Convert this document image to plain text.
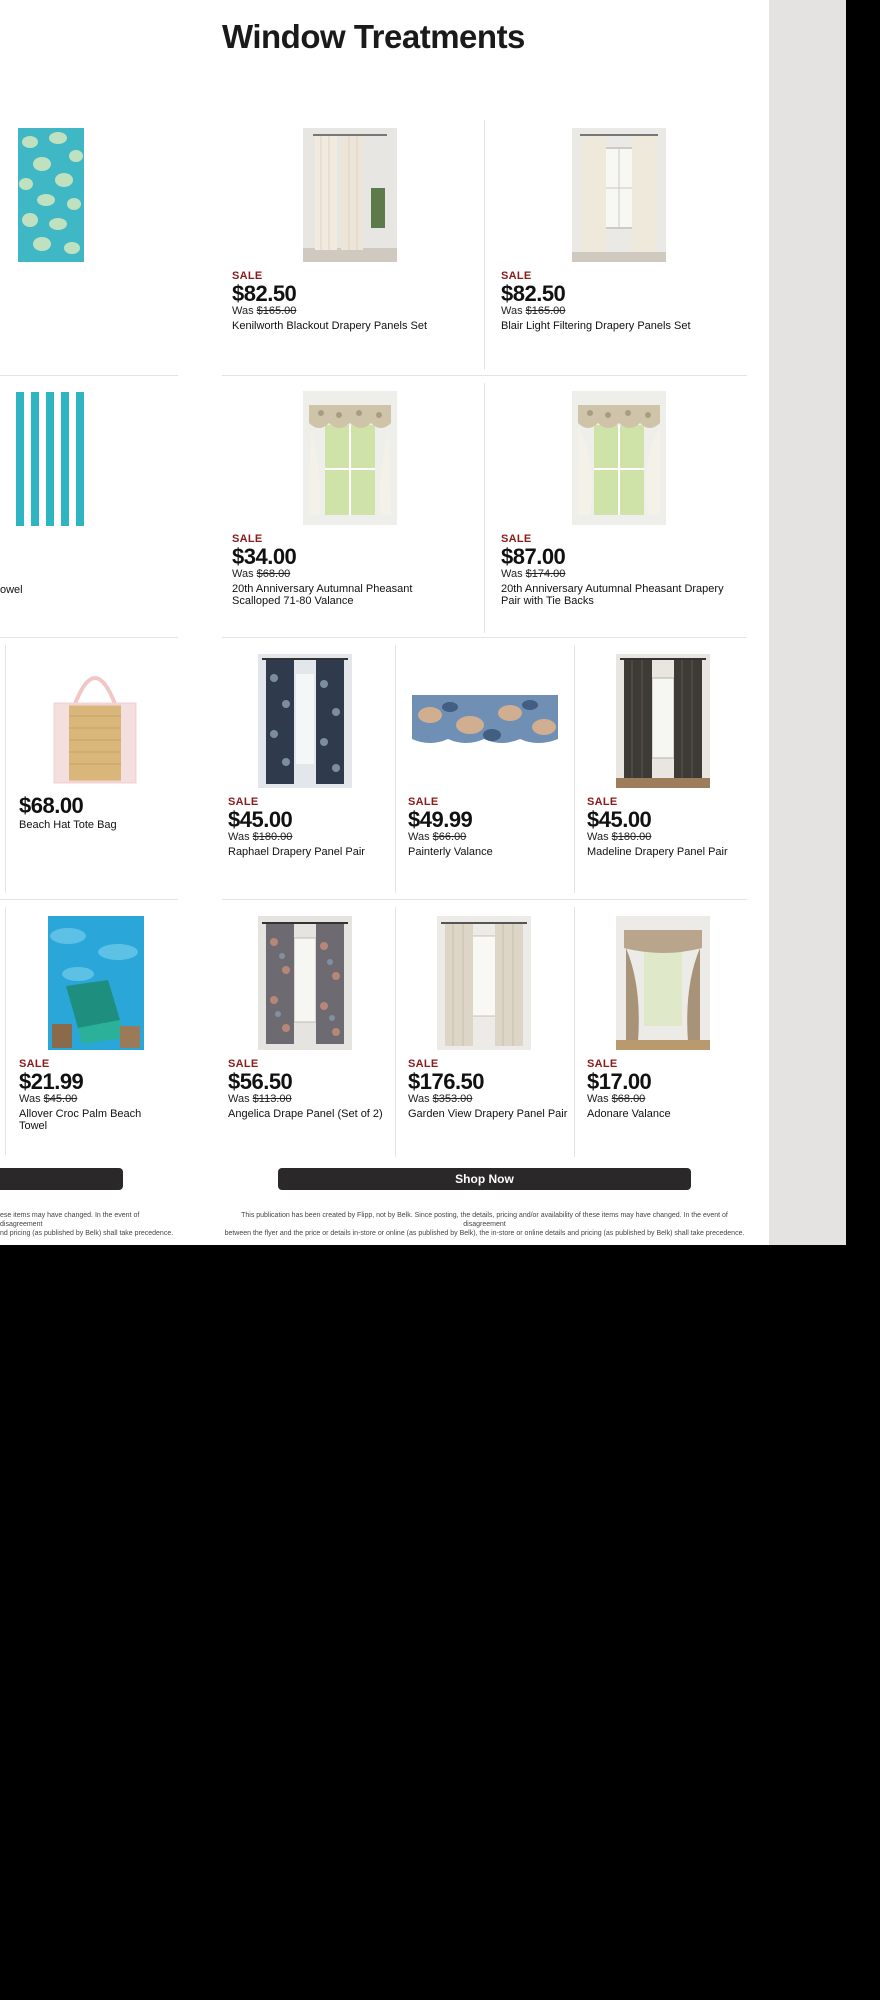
Window Treatments
owel
$68.00
Beach Hat Tote Bag
SALE
$21.99
Was $45.00
Allover Croc Palm Beach Towel
ese items may have changed. In the event of disagreement
nd pricing (as published by Belk) shall take precedence.
SALE
$82.50
Was $165.00
Kenilworth Blackout Drapery Panels Set
SALE
$82.50
Was $165.00
Blair Light Filtering Drapery Panels Set
SALE
$34.00
Was $68.00
20th Anniversary Autumnal Pheasant Scalloped 71-80 Valance
SALE
$87.00
Was $174.00
20th Anniversary Autumnal Pheasant Drapery Pair with Tie Backs
SALE
$45.00
Was $180.00
Raphael Drapery Panel Pair
SALE
$49.99
Was $66.00
Painterly Valance
SALE
$45.00
Was $180.00
Madeline Drapery Panel Pair
SALE
$56.50
Was $113.00
Angelica Drape Panel (Set of 2)
SALE
$176.50
Was $353.00
Garden View Drapery Panel Pair
SALE
$17.00
Was $68.00
Adonare Valance
Shop Now
This publication has been created by Flipp, not by Belk. Since posting, the details, pricing and/or availability of these items may have changed. In the event of disagreement
between the flyer and the price or details in-store or online (as published by Belk), the in-store or online details and pricing (as published by Belk) shall take precedence.
